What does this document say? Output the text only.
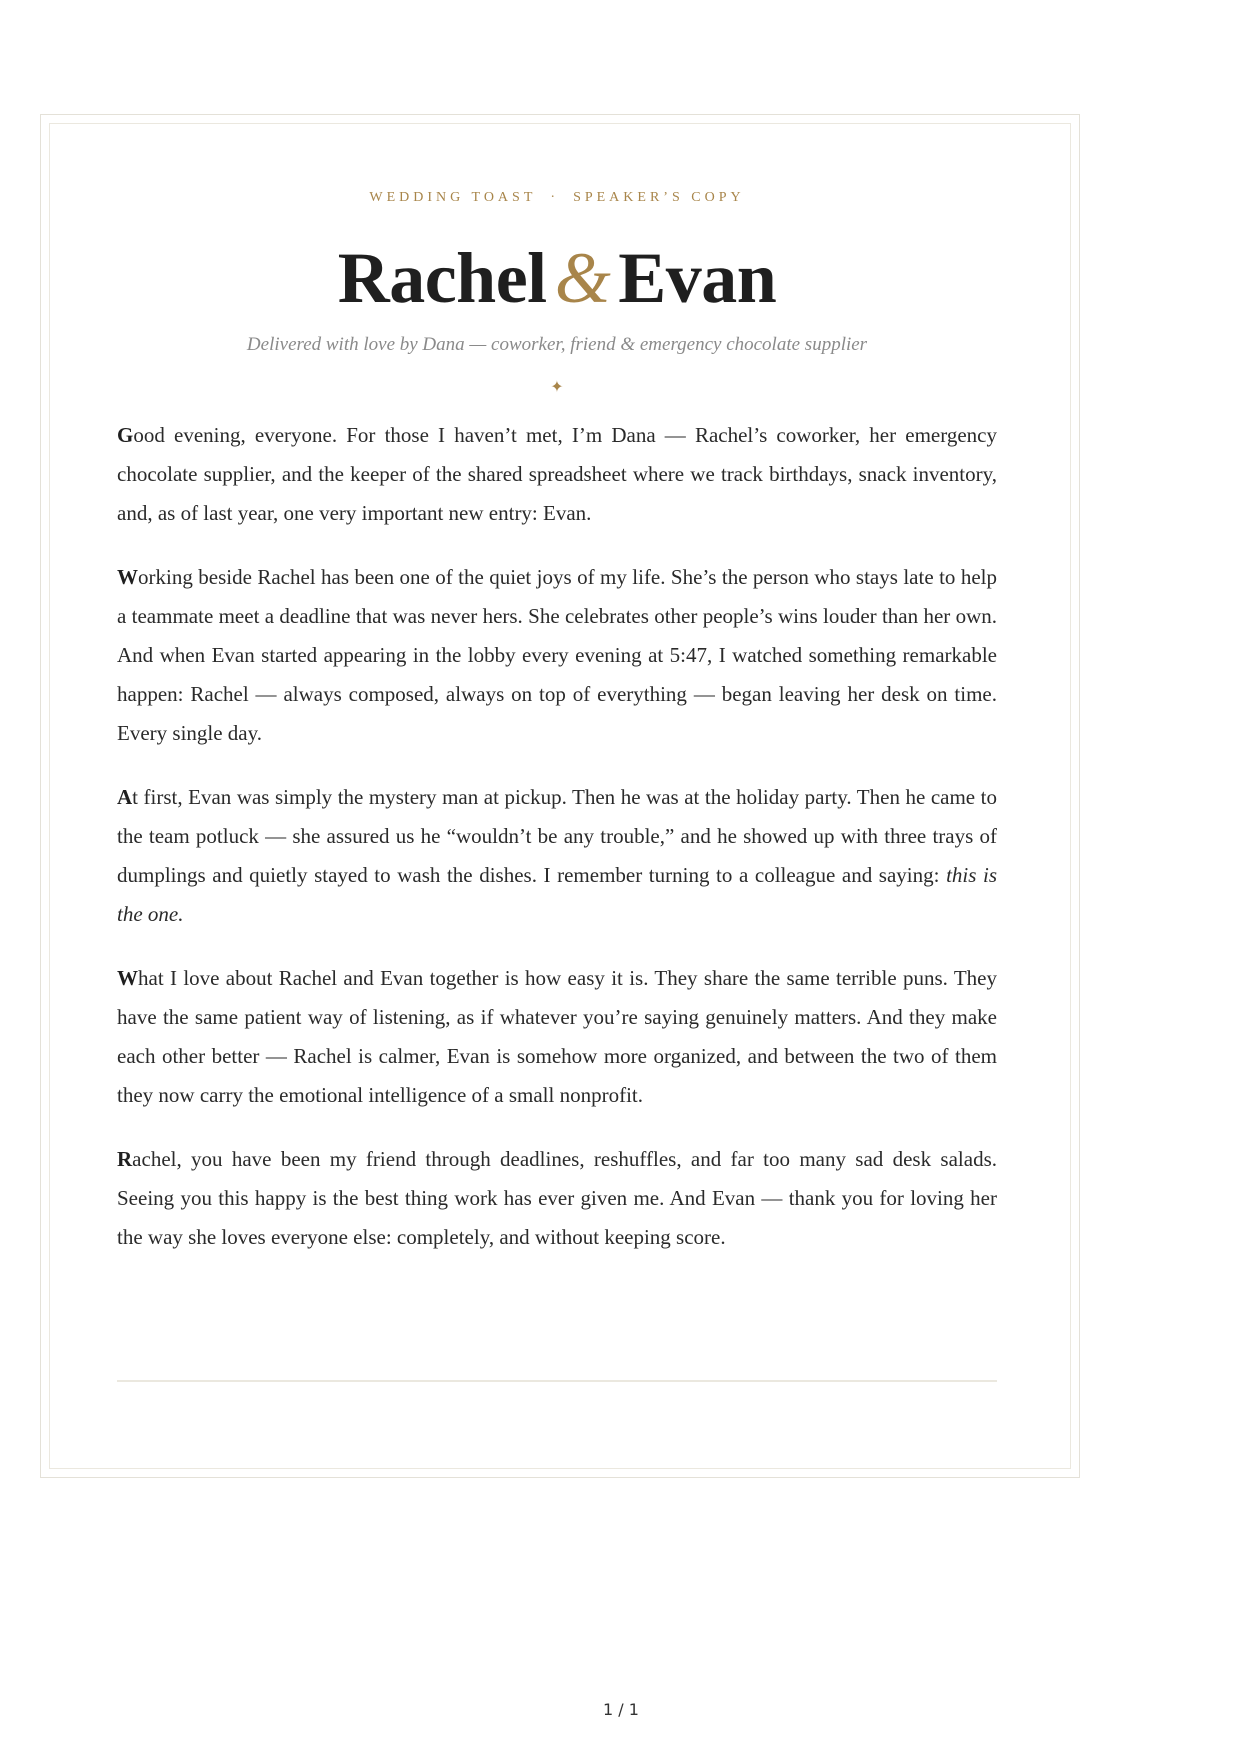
WEDDING TOAST · SPEAKER’S COPY
Rachel & Evan
Delivered with love by Dana — coworker, friend & emergency chocolate supplier
✦

Good evening, everyone. For those I haven’t met, I’m Dana — Rachel’s coworker, her emergency chocolate supplier, and the keeper of the shared spreadsheet where we track birthdays, snack inventory, and, as of last year, one very important new entry: Evan.

Working beside Rachel has been one of the quiet joys of my life. She’s the person who stays late to help a teammate meet a deadline that was never hers. She celebrates other people’s wins louder than her own. And when Evan started appearing in the lobby every evening at 5:47, I watched something remarkable happen: Rachel — always composed, always on top of everything — began leaving her desk on time. Every single day.

At first, Evan was simply the mystery man at pickup. Then he was at the holiday party. Then he came to the team potluck — she assured us he “wouldn’t be any trouble,” and he showed up with three trays of dumplings and quietly stayed to wash the dishes. I remember turning to a colleague and saying: this is the one.

What I love about Rachel and Evan together is how easy it is. They share the same terrible puns. They have the same patient way of listening, as if whatever you’re saying genuinely matters. And they make each other better — Rachel is calmer, Evan is somehow more organized, and between the two of them they now carry the emotional intelligence of a small nonprofit.

Rachel, you have been my friend through deadlines, reshuffles, and far too many sad desk salads. Seeing you this happy is the best thing work has ever given me. And Evan — thank you for loving her the way she loves everyone else: completely, and without keeping score.

1 / 1
